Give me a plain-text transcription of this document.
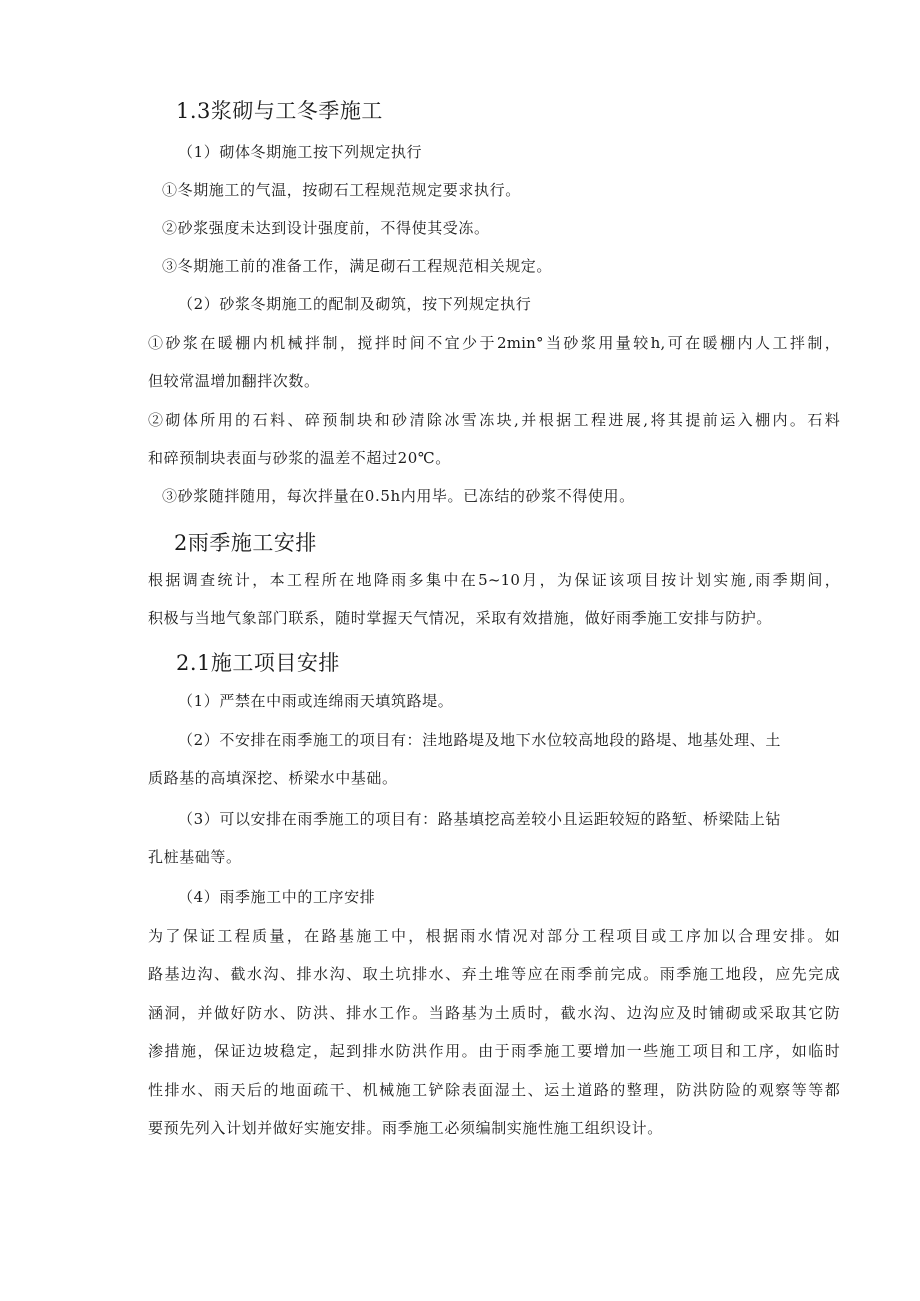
1.3浆砌与工冬季施工
（1）砌体冬期施工按下列规定执行
①冬期施工的气温，按砌石工程规范规定要求执行。
②砂浆强度未达到设计强度前，不得使其受冻。
③冬期施工前的准备工作，满足砌石工程规范相关规定。
（2）砂浆冬期施工的配制及砌筑，按下列规定执行
①砂浆在暖棚内机械拌制，搅拌时间不宜少于2min°当砂浆用量较h,可在暖棚内人工拌制，
但较常温增加翻拌次数。
②砌体所用的石料、碎预制块和砂清除冰雪冻块,并根据工程进展,将其提前运入棚内。石料
和碎预制块表面与砂浆的温差不超过20℃。
③砂浆随拌随用，每次拌量在0.5h内用毕。已冻结的砂浆不得使用。
2雨季施工安排
根据调查统计，本工程所在地降雨多集中在5~10月，为保证该项目按计划实施,雨季期间，
积极与当地气象部门联系，随时掌握天气情况，采取有效措施，做好雨季施工安排与防护。
2.1施工项目安排
（1）严禁在中雨或连绵雨天填筑路堤。
（2）不安排在雨季施工的项目有：洼地路堤及地下水位较高地段的路堤、地基处理、土
质路基的高填深挖、桥梁水中基础。
（3）可以安排在雨季施工的项目有：路基填挖高差较小且运距较短的路堑、桥梁陆上钻
孔桩基础等。
（4）雨季施工中的工序安排
为了保证工程质量，在路基施工中，根据雨水情况对部分工程项目或工序加以合理安排。如
路基边沟、截水沟、排水沟、取土坑排水、弃土堆等应在雨季前完成。雨季施工地段，应先完成
涵洞，并做好防水、防洪、排水工作。当路基为土质时，截水沟、边沟应及时铺砌或采取其它防
渗措施，保证边坡稳定，起到排水防洪作用。由于雨季施工要增加一些施工项目和工序，如临时
性排水、雨天后的地面疏干、机械施工铲除表面湿土、运土道路的整理，防洪防险的观察等等都
要预先列入计划并做好实施安排。雨季施工必须编制实施性施工组织设计。
